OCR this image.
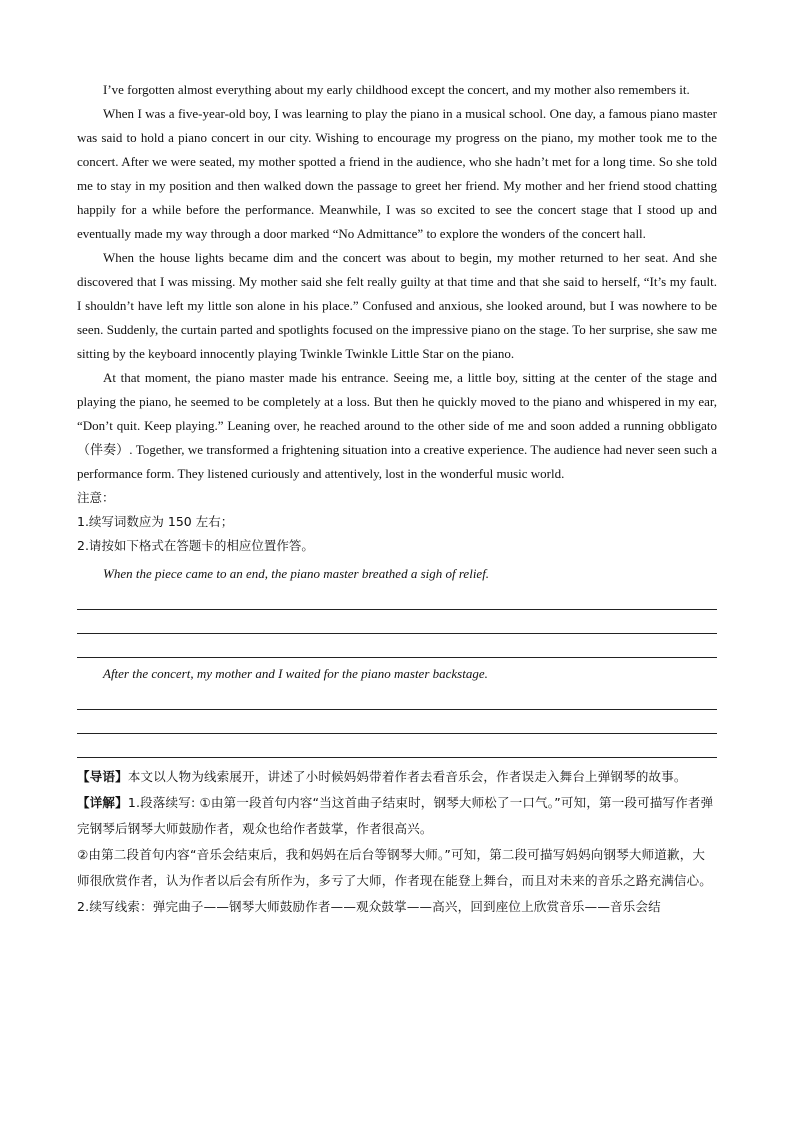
I’ve forgotten almost everything about my early childhood except the concert, and my mother also remembers it.

When I was a five-year-old boy, I was learning to play the piano in a musical school. One day, a famous piano master was said to hold a piano concert in our city. Wishing to encourage my progress on the piano, my mother took me to the concert. After we were seated, my mother spotted a friend in the audience, who she hadn’t met for a long time. So she told me to stay in my position and then walked down the passage to greet her friend. My mother and her friend stood chatting happily for a while before the performance. Meanwhile, I was so excited to see the concert stage that I stood up and eventually made my way through a door marked “No Admittance” to explore the wonders of the concert hall.

When the house lights became dim and the concert was about to begin, my mother returned to her seat. And she discovered that I was missing. My mother said she felt really guilty at that time and that she said to herself, “It’s my fault. I shouldn’t have left my little son alone in his place.” Confused and anxious, she looked around, but I was nowhere to be seen. Suddenly, the curtain parted and spotlights focused on the impressive piano on the stage. To her surprise, she saw me sitting by the keyboard innocently playing Twinkle Twinkle Little Star on the piano.

At that moment, the piano master made his entrance. Seeing me, a little boy, sitting at the center of the stage and playing the piano, he seemed to be completely at a loss. But then he quickly moved to the piano and whispered in my ear, “Don’t quit. Keep playing.” Leaning over, he reached around to the other side of me and soon added a running obbligato（伴奏）. Together, we transformed a frightening situation into a creative experience. The audience had never seen such a performance form. They listened curiously and attentively, lost in the wonderful music world.

注意：

1.续写词数应为 150 左右；

2.请按如下格式在答题卡的相应位置作答。

When the piece came to an end, the piano master breathed a sigh of relief.

After the concert, my mother and I waited for the piano master backstage.

【导语】本文以人物为线索展开，讲述了小时候妈妈带着作者去看音乐会，作者误走入舞台上弹钢琴的故事。

【详解】1.段落续写: ①由第一段首句内容“当这首曲子结束时，钢琴大师松了一口气。”可知，第一段可描写作者弹完钢琴后钢琴大师鼓励作者，观众也给作者鼓掌，作者很高兴。

②由第二段首句内容“音乐会结束后，我和妈妈在后台等钢琴大师。”可知，第二段可描写妈妈向钢琴大师道歉，大师很欣赏作者，认为作者以后会有所作为，多亏了大师，作者现在能登上舞台，而且对未来的音乐之路充满信心。

2.续写线索：弹完曲子——钢琴大师鼓励作者——观众鼓掌——高兴，回到座位上欣赏音乐——音乐会结
